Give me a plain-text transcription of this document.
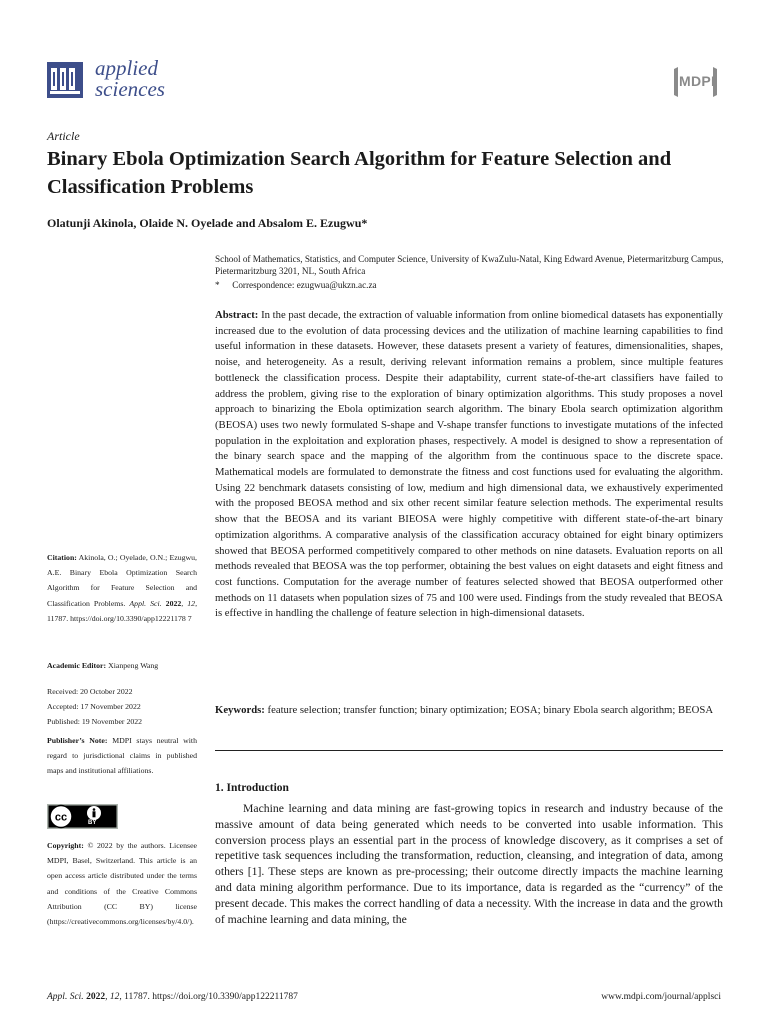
applied
sciences	MDPI
Article
Binary Ebola Optimization Search Algorithm for Feature Selection and Classification Problems
Olatunji Akinola, Olaide N. Oyelade and Absalom E. Ezugwu*
School of Mathematics, Statistics, and Computer Science, University of KwaZulu-Natal, King Edward Avenue, Pietermaritzburg Campus, Pietermaritzburg 3201, NL, South Africa
* Correspondence: ezugwua@ukzn.ac.za
Abstract: In the past decade, the extraction of valuable information from online biomedical datasets has exponentially increased due to the evolution of data processing devices and the utilization of machine learning capabilities to find useful information in these datasets. However, these datasets present a variety of features, dimensionalities, shapes, noise, and heterogeneity. As a result, deriving relevant information remains a problem, since multiple features bottleneck the classification process. Despite their adaptability, current state-of-the-art classifiers have failed to address the problem, giving rise to the exploration of binary optimization algorithms. This study proposes a novel approach to binarizing the Ebola optimization search algorithm. The binary Ebola search optimization algorithm (BEOSA) uses two newly formulated S-shape and V-shape transfer functions to investigate mutations of the infected population in the exploitation and exploration phases, respectively. A model is designed to show a representation of the binary search space and the mapping of the algorithm from the continuous space to the discrete space. Mathematical models are formulated to demonstrate the fitness and cost functions used for evaluating the algorithm. Using 22 benchmark datasets consisting of low, medium and high dimensional data, we exhaustively experimented with the proposed BEOSA method and six other recent similar feature selection methods. The experimental results show that the BEOSA and its variant BIEOSA were highly competitive with different state-of-the-art binary optimization algorithms. A comparative analysis of the classification accuracy obtained for eight binary optimizers showed that BEOSA performed competitively compared to other methods on nine datasets. Evaluation reports on all methods revealed that BEOSA was the top performer, obtaining the best values on eight datasets and eight fitness and cost functions. Computation for the average number of features selected showed that BEOSA outperformed other methods on 11 datasets when population sizes of 75 and 100 were used. Findings from the study revealed that BEOSA is effective in handling the challenge of feature selection in high-dimensional datasets.
Keywords: feature selection; transfer function; binary optimization; EOSA; binary Ebola search algorithm; BEOSA
1. Introduction
Machine learning and data mining are fast-growing topics in research and industry because of the massive amount of data being generated which needs to be converted into usable information. This conversion process plays an essential part in the process of knowledge discovery, as it comprises a set of repetitive task sequences including the transformation, reduction, cleansing, and integration of data, among others [1]. These steps are known as pre-processing; their outcome directly impacts the machine learning and data mining algorithm performance. Due to its importance, data is regarded as the “currency” of the present decade. This makes the correct handling of data a necessity. With the increase in data and the growth of machine learning and data mining, the
Citation: Akinola, O.; Oyelade, O.N.; Ezugwu, A.E. Binary Ebola Optimization Search Algorithm for Feature Selection and Classification Problems. Appl. Sci. 2022, 12, 11787. https://doi.org/10.3390/app12221178 7
Academic Editor: Xianpeng Wang
Received: 20 October 2022
Accepted: 17 November 2022
Published: 19 November 2022
Publisher’s Note: MDPI stays neutral with regard to jurisdictional claims in published maps and institutional affiliations.
cc	BY
Copyright: © 2022 by the authors. Licensee MDPI, Basel, Switzerland. This article is an open access article distributed under the terms and conditions of the Creative Commons Attribution (CC BY) license (https://creativecommons.org/licenses/by/4.0/).
Appl. Sci. 2022, 12, 11787. https://doi.org/10.3390/app122211787	www.mdpi.com/journal/applsci
